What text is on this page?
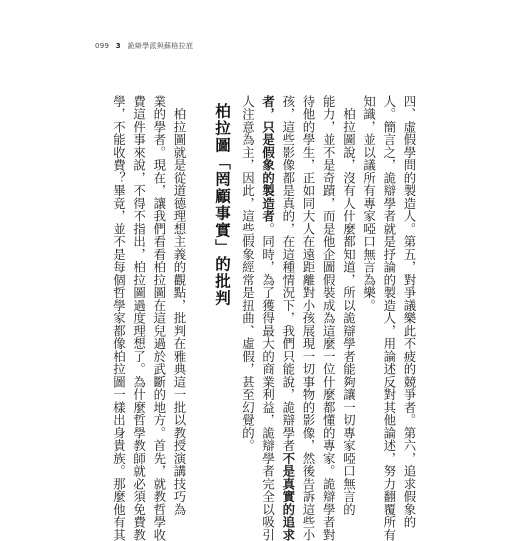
099 3 詭辯學派與蘇格拉底
四、虛假學問的製造人。第五，對爭議樂此不疲的競爭者。第六，追求假象的
人。簡言之，詭辯學者就是抒論的製造人，用論述反對其他論述，努力翻覆所有
知識，並以議所有專家啞口無言為樂。
　柏拉圖說，沒有人什麼都知道，所以詭辯學者能夠讓一切專家啞口無言的
能力，並不是奇蹟，而是他企圖假裝成為這麼一位什麼都懂的專家。詭辯學者對
待他的學生，正如同大人在遠距離對小孩展現一切事物的影像，然後告訴這些小
孩，這些影像都是真的，在這種情況下，我們只能說，詭辯學者不是真實的追求
者，只是假象的製造者。同時，為了獲得最大的商業利益，詭辯學者完全以吸引
人注意為主，因此，這些假象經常是扭曲、虛假，甚至幻覺的。
柏拉圖「罔顧事實」的批判
　柏拉圖就是從道德理想主義的觀點，批判在雅典這一批以教授演講技巧為
業的學者。現在，讓我們看看柏拉圖在這兒過於武斷的地方。首先，就教哲學收
費這件事來說，不得不指出，柏拉圖過度理想了。為什麼哲學教師就必須免費教
學，不能收費？畢竟，並不是每個哲學家都像柏拉圖一樣出身貴族。那麼他有其
